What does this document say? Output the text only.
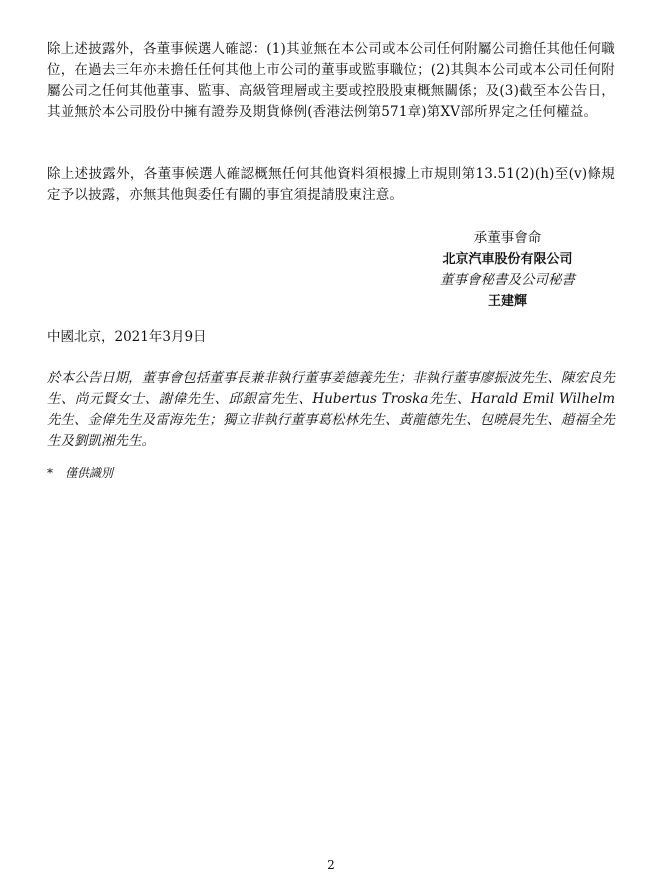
除上述披露外，各董事候選人確認：(1)其並無在本公司或本公司任何附屬公司擔任其他任何職位，在過去三年亦未擔任任何其他上市公司的董事或監事職位；(2)其與本公司或本公司任何附屬公司之任何其他董事、監事、高級管理層或主要或控股股東概無關係；及(3)截至本公告日，其並無於本公司股份中擁有證券及期貨條例(香港法例第571章)第XV部所界定之任何權益。

除上述披露外，各董事候選人確認概無任何其他資料須根據上市規則第13.51(2)(h)至(v)條規定予以披露，亦無其他與委任有關的事宜須提請股東注意。

承董事會命
北京汽車股份有限公司
董事會秘書及公司秘書
王建輝
中國北京，2021年3月9日

於本公告日期，董事會包括董事長兼非執行董事姜德義先生；非執行董事廖振波先生、陳宏良先生、尚元賢女士、謝偉先生、邱銀富先生、Hubertus Troska先生、Harald Emil Wilhelm先生、金偉先生及雷海先生；獨立非執行董事葛松林先生、黃龍德先生、包曉晨先生、趙福全先生及劉凱湘先生。

* 僅供識別
2
